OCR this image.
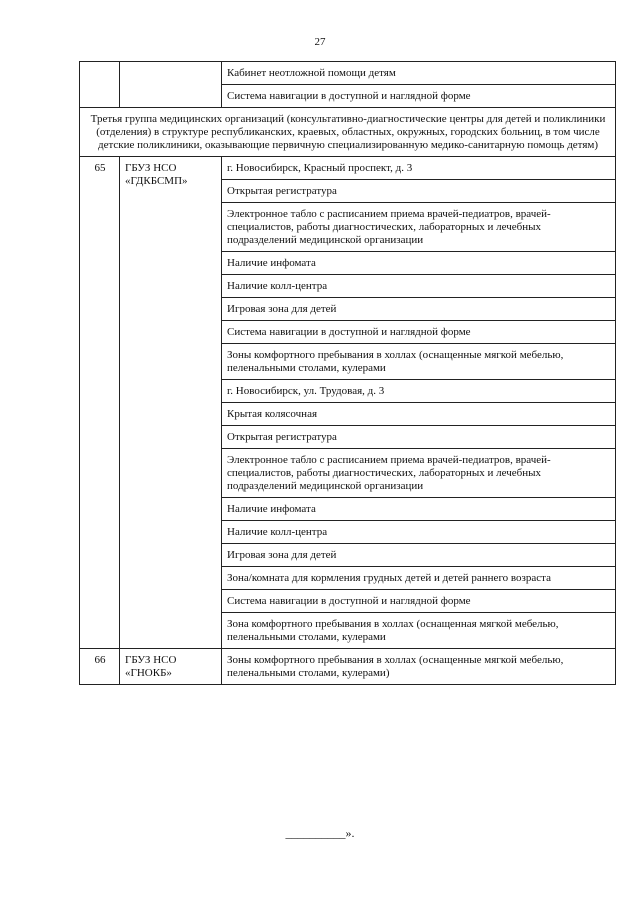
27
		Кабинет неотложной помощи детям
		Система навигации в доступной и наглядной форме
Третья группа медицинских организаций (консультативно-диагностические центры для детей и поликлиники (отделения) в структуре республиканских, краевых, областных, окружных, городских больниц, в том числе детские поликлиники, оказывающие первичную специализированную медико-санитарную помощь детям)		
65	ГБУЗ НСО «ГДКБСМП»	г. Новосибирск, Красный проспект, д. 3
		Открытая регистратура
		Электронное табло с расписанием приема врачей-педиатров, врачей-специалистов, работы диагностических, лабораторных и лечебных подразделений медицинской организации
		Наличие инфомата
		Наличие колл-центра
		Игровая зона для детей
		Система навигации в доступной и наглядной форме
		Зоны комфортного пребывания в холлах (оснащенные мягкой мебелью, пеленальными столами, кулерами
		г. Новосибирск, ул. Трудовая, д. 3
		Крытая колясочная
		Открытая регистратура
		Электронное табло с расписанием приема врачей-педиатров, врачей-специалистов, работы диагностических, лабораторных и лечебных подразделений медицинской организации
		Наличие инфомата
		Наличие колл-центра
		Игровая зона для детей
		Зона/комната для кормления грудных детей и детей раннего возраста
		Система навигации в доступной и наглядной форме
		Зона комфортного пребывания в холлах (оснащенная мягкой мебелью, пеленальными столами, кулерами
66	ГБУЗ НСО «ГНОКБ»	Зоны комфортного пребывания в холлах (оснащенные мягкой мебелью, пеленальными столами, кулерами)
__________».
